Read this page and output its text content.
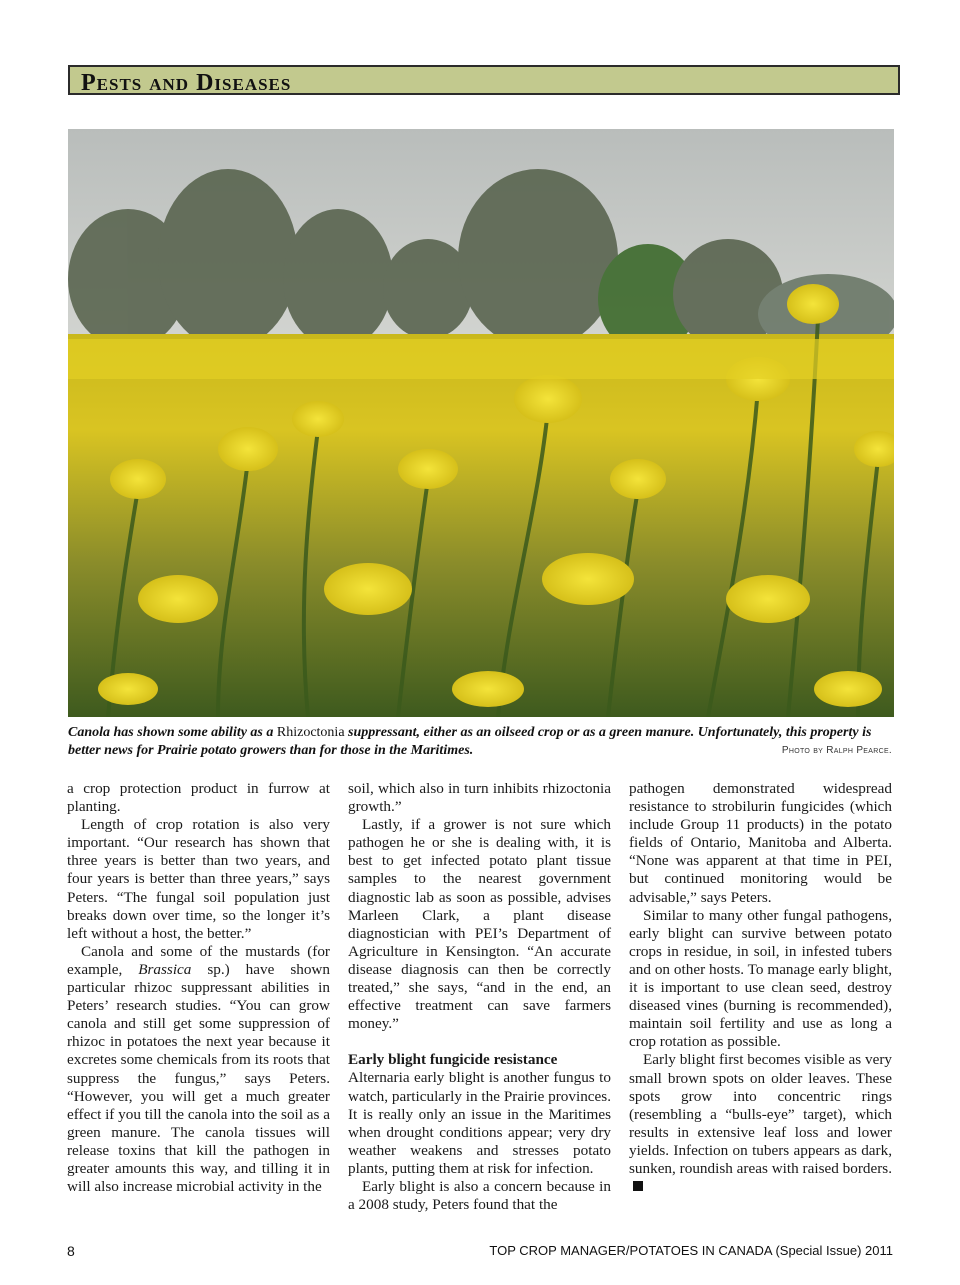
Pests and Diseases
Canola has shown some ability as a Rhizoctonia suppressant, either as an oilseed crop or as a green manure. Unfortunately, this property is better news for Prairie potato growers than for those in the Maritimes.	Photo by Ralph Pearce.

a crop protection product in furrow at planting.

Length of crop rotation is also very important. “Our research has shown that three years is better than two years, and four years is better than three years,” says Peters. “The fungal soil population just breaks down over time, so the longer it’s left without a host, the better.”

Canola and some of the mustards (for example, Brassica sp.) have shown particular rhizoc suppressant abilities in Peters’ research studies. “You can grow canola and still get some suppression of rhizoc in potatoes the next year because it excretes some chemicals from its roots that suppress the fungus,” says Peters. “However, you will get a much greater effect if you till the canola into the soil as a green manure. The canola tissues will release toxins that kill the pathogen in greater amounts this way, and tilling it in will also increase microbial activity in the

soil, which also in turn inhibits rhizoctonia growth.”

Lastly, if a grower is not sure which pathogen he or she is dealing with, it is best to get infected potato plant tissue samples to the nearest government diagnostic lab as soon as possible, advises Marleen Clark, a plant disease diagnostician with PEI’s Department of Agriculture in Kensington. “An accurate disease diagnosis can then be correctly treated,” she says, “and in the end, an effective treatment can save farmers money.”

Early blight fungicide resistance

Alternaria early blight is another fungus to watch, particularly in the Prairie provinces. It is really only an issue in the Maritimes when drought conditions appear; very dry weather weakens and stresses potato plants, putting them at risk for infection.

Early blight is also a concern because in a 2008 study, Peters found that the

pathogen demonstrated widespread resistance to strobilurin fungicides (which include Group 11 products) in the potato fields of Ontario, Manitoba and Alberta. “None was apparent at that time in PEI, but continued monitoring would be advisable,” says Peters.

Similar to many other fungal pathogens, early blight can survive between potato crops in residue, in soil, in infested tubers and on other hosts. To manage early blight, it is important to use clean seed, destroy diseased vines (burning is recommended), maintain soil fertility and use as long a crop rotation as possible.

Early blight first becomes visible as very small brown spots on older leaves. These spots grow into concentric rings (resembling a “bulls-eye” target), which results in extensive leaf loss and lower yields. Infection on tubers appears as dark, sunken, roundish areas with raised borders.

8	TOP CROP MANAGER/POTATOES IN CANADA (Special Issue) 2011
